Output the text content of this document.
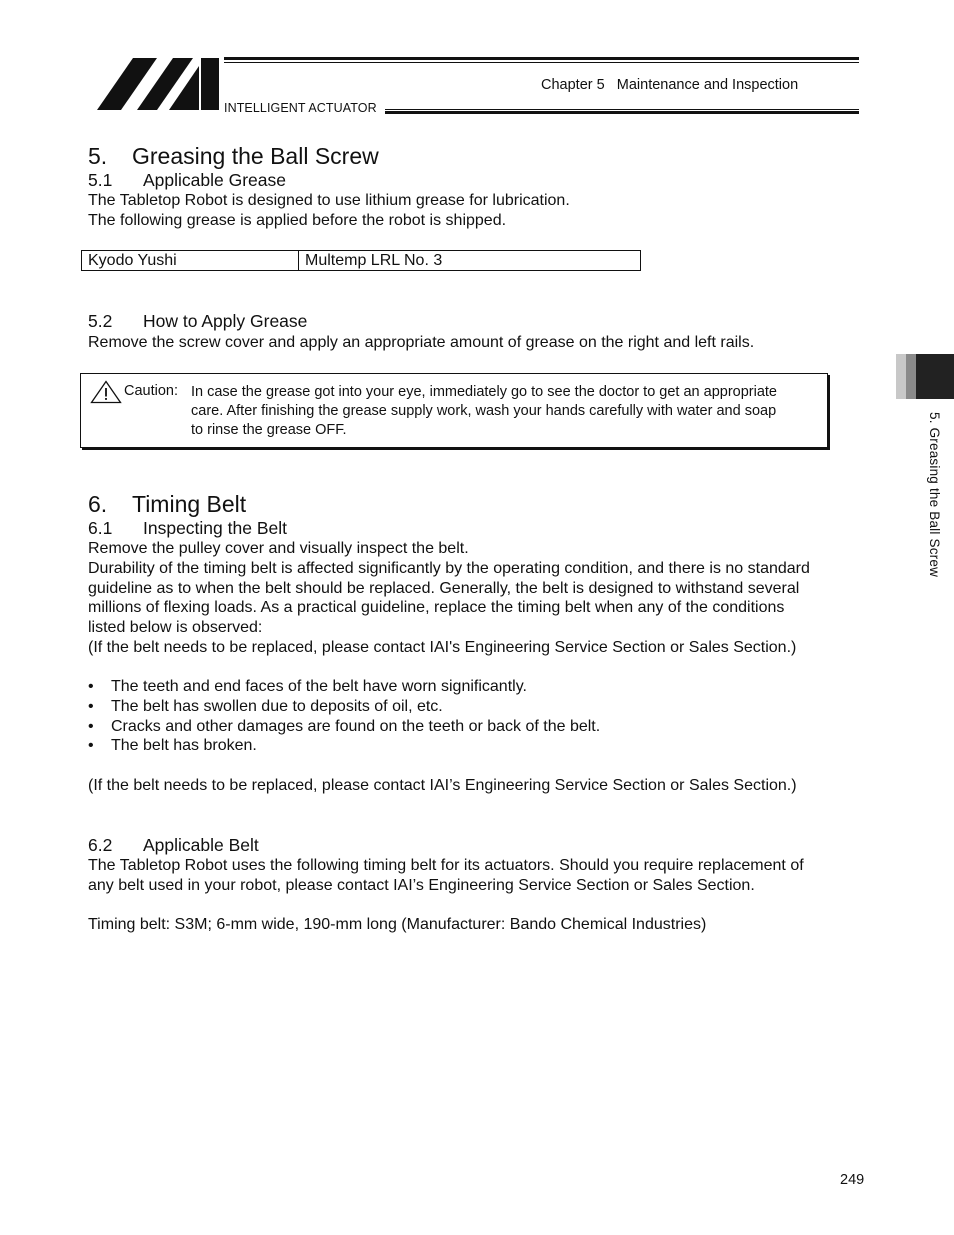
INTELLIGENT ACTUATOR
Chapter 5   Maintenance and Inspection
5. Greasing the Ball Screw
5.1 Applicable Grease
The Tabletop Robot is designed to use lithium grease for lubrication.
The following grease is applied before the robot is shipped.
Kyodo Yushi	Multemp LRL No. 3
5.2 How to Apply Grease
Remove the screw cover and apply an appropriate amount of grease on the right and left rails.
Caution: In case the grease got into your eye, immediately go to see the doctor to get an appropriate
care. After finishing the grease supply work, wash your hands carefully with water and soap
to rinse the grease OFF.
6. Timing Belt
6.1 Inspecting the Belt
Remove the pulley cover and visually inspect the belt.
Durability of the timing belt is affected significantly by the operating condition, and there is no standard
guideline as to when the belt should be replaced. Generally, the belt is designed to withstand several
millions of flexing loads. As a practical guideline, replace the timing belt when any of the conditions
listed below is observed:
(If the belt needs to be replaced, please contact IAI's Engineering Service Section or Sales Section.)
• The teeth and end faces of the belt have worn significantly.
• The belt has swollen due to deposits of oil, etc.
• Cracks and other damages are found on the teeth or back of the belt.
• The belt has broken.
(If the belt needs to be replaced, please contact IAI’s Engineering Service Section or Sales Section.)
6.2 Applicable Belt
The Tabletop Robot uses the following timing belt for its actuators. Should you require replacement of
any belt used in your robot, please contact IAI’s Engineering Service Section or Sales Section.
Timing belt: S3M; 6-mm wide, 190-mm long (Manufacturer: Bando Chemical Industries)
5. Greasing the Ball Screw
249
